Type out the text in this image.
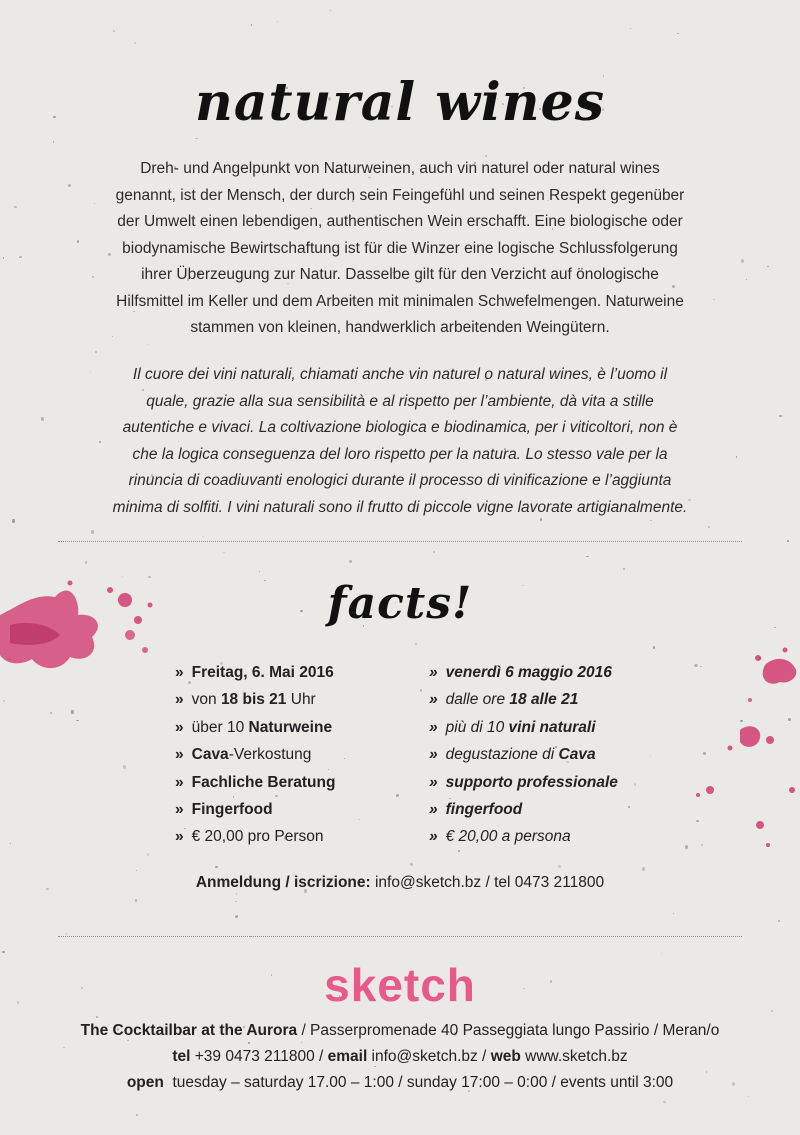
natural wines

Dreh- und Angelpunkt von Naturweinen, auch vin naturel oder natural wines genannt, ist der Mensch, der durch sein Feingefühl und seinen Respekt gegenüber der Umwelt einen lebendigen, authentischen Wein erschafft. Eine biologische oder biodynamische Bewirtschaftung ist für die Winzer eine logische Schlussfolgerung ihrer Überzeugung zur Natur. Dasselbe gilt für den Verzicht auf önologische Hilfsmittel im Keller und dem Arbeiten mit minimalen Schwefelmengen. Naturweine stammen von kleinen, handwerklich arbeitenden Weingütern.

Il cuore dei vini naturali, chiamati anche vin naturel o natural wines, è l’uomo il quale, grazie alla sua sensibilità e al rispetto per l’ambiente, dà vita a stille autentiche e vivaci. La coltivazione biologica e biodinamica, per i viticoltori, non è che la logica conseguenza del loro rispetto per la natura. Lo stesso vale per la rinuncia di coadiuvanti enologici durante il processo di vinificazione e l’aggiunta minima di solfiti. I vini naturali sono il frutto di piccole vigne lavorate artigianalmente.

facts!
» Freitag, 6. Mai 2016
» von 18 bis 21 Uhr
» über 10 Naturweine
» Cava-Verkostung
» Fachliche Beratung
» Fingerfood
» € 20,00 pro Person
» venerdì 6 maggio 2016
» dalle ore 18 alle 21
» più di 10 vini naturali
» degustazione di Cava
» supporto professionale
» fingerfood
» € 20,00 a persona
Anmeldung / iscrizione: info@sketch.bz / tel 0473 211800
sketch
The Cocktailbar at the Aurora / Passerpromenade 40 Passeggiata lungo Passirio / Meran/o
tel +39 0473 211800 / email info@sketch.bz / web www.sketch.bz
open  tuesday – saturday 17.00 – 1:00 / sunday 17:00 – 0:00 / events until 3:00
